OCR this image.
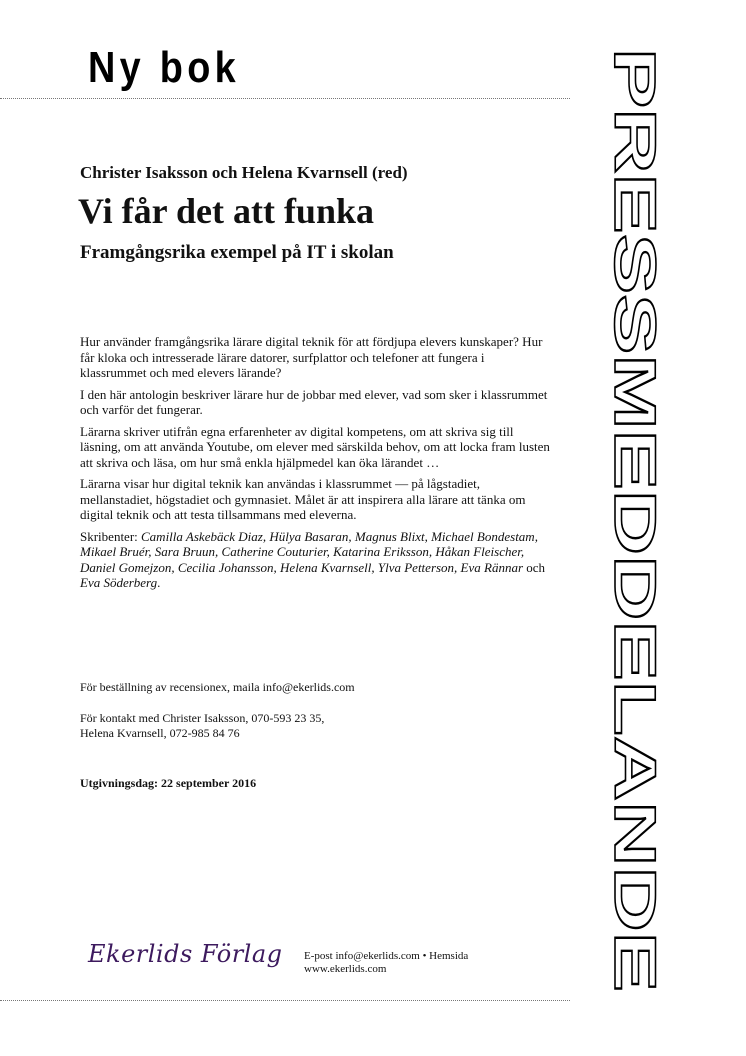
Ny bok	PRESSMEDDELANDE
Christer Isaksson och Helena Kvarnsell (red)
Vi får det att funka
Framgångsrika exempel på IT i skolan

Hur använder framgångsrika lärare digital teknik för att fördjupa elevers kunskaper? Hur får kloka och intresserade lärare datorer, surfplattor och telefoner att fungera i klassrummet och med elevers lärande?

I den här antologin beskriver lärare hur de jobbar med elever, vad som sker i klassrummet och varför det fungerar.

Lärarna skriver utifrån egna erfarenheter av digital kompetens, om att skriva sig till läsning, om att använda Youtube, om elever med särskilda behov, om att locka fram lusten att skriva och läsa, om hur små enkla hjälpmedel kan öka lärandet …

Lärarna visar hur digital teknik kan användas i klassrummet — på lågstadiet, mellanstadiet, högstadiet och gymnasiet. Målet är att inspirera alla lärare att tänka om digital teknik och att testa tillsammans med eleverna.

Skribenter: Camilla Askebäck Diaz, Hülya Basaran, Magnus Blixt, Michael Bondestam, Mikael Bruér, Sara Bruun, Catherine Couturier, Katarina Eriksson, Håkan Fleischer, Daniel Gomejzon, Cecilia Johansson, Helena Kvarnsell, Ylva Petterson, Eva Rännar och Eva Söderberg.

För beställning av recensionex, maila info@ekerlids.com
För kontakt med Christer Isaksson, 070-593 23 35,
Helena Kvarnsell, 072-985 84 76
Utgivningsdag: 22 september 2016
Ekerlids Förlag E-post info@ekerlids.com • Hemsida
www.ekerlids.com
